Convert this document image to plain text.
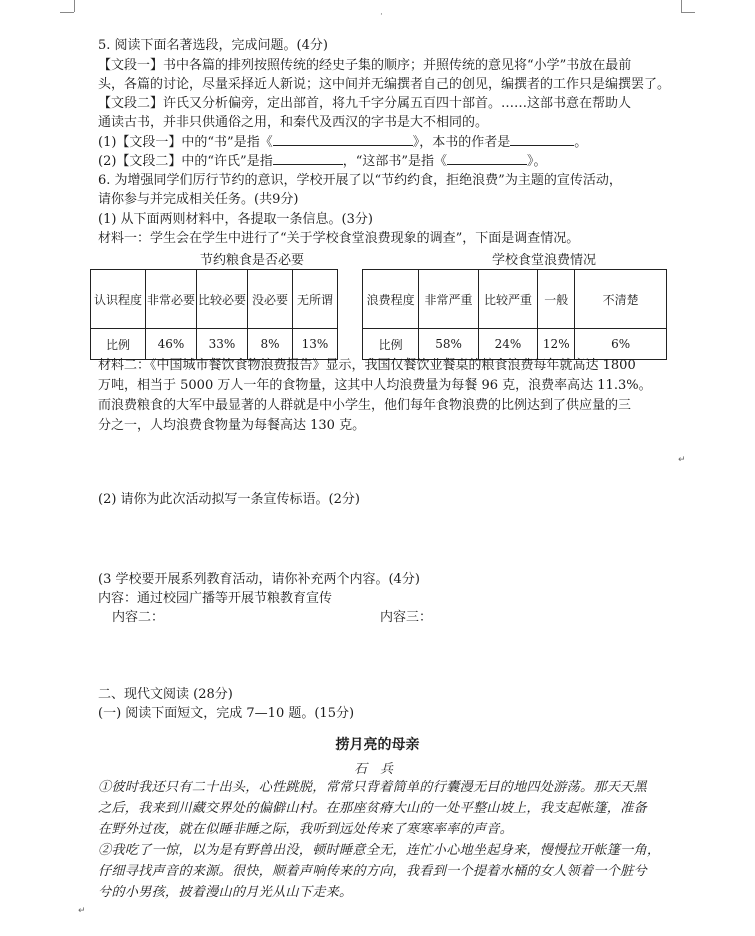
·
5. 阅读下面名著选段，完成问题。(4分)
【文段一】书中各篇的排列按照传统的经史子集的顺序；并照传统的意见将“小学”书放在最前
头，各篇的讨论，尽量采择近人新说；这中间并无编撰者自己的创见，编撰者的工作只是编撰罢了。
【文段二】许氏又分析偏旁，定出部首，将九千字分属五百四十部首。……这部书意在帮助人
通读古书，并非只供通俗之用，和秦代及西汉的字书是大不相同的。
(1)【文段一】中的“书”是指《	》，本书的作者是	。
(2)【文段二】中的“许氏”是指	，“这部书”是指《	》。
6. 为增强同学们厉行节约的意识，学校开展了以“节约约食，拒绝浪费”为主题的宣传活动，
请你参与并完成相关任务。(共9分)
(1) 从下面两则材料中，各提取一条信息。(3分)
材料一：学生会在学生中进行了“关于学校食堂浪费现象的调查”，下面是调查情况。
节约粮食是否必要	学校食堂浪费情况
认识程度	非常必要	比较必要	没必要	无所谓
比例	46%	33%	8%	13%
浪费程度	非常严重	比较严重	一般	不清楚
比例	58%	24%	12%	6%
材料二：《中国城市餐饮食物浪费报告》显示，我国仅餐饮业餐桌的粮食浪费每年就高达 1800
万吨，相当于 5000 万人一年的食物量，这其中人均浪费量为每餐 96 克，浪费率高达 11.3%。
而浪费粮食的大军中最显著的人群就是中小学生，他们每年食物浪费的比例达到了供应量的三
分之一，人均浪费食物量为每餐高达 130 克。
↵
(2) 请你为此次活动拟写一条宣传标语。(2分)
(3 学校要开展系列教育活动，请你补充两个内容。(4分)
内容：通过校园广播等开展节粮教育宣传
内容二：	内容三：
二、现代文阅读 (28分)
(一) 阅读下面短文，完成 7—10 题。(15分)
捞月亮的母亲
石　兵
①彼时我还只有二十出头，心性跳脱，常常只背着简单的行囊漫无目的地四处游荡。那天天黑
之后，我来到川藏交界处的偏僻山村。在那座贫瘠大山的一处平整山坡上，我支起帐篷，准备
在野外过夜，就在似睡非睡之际，我听到远处传来了寒寒率率的声音。
②我吃了一惊，以为是有野兽出没，顿时睡意全无，连忙小心地坐起身来，慢慢拉开帐篷一角，
仔细寻找声音的来源。很快，顺着声响传来的方向，我看到一个提着水桶的女人领着一个脏兮
兮的小男孩，披着漫山的月光从山下走来。
↵
